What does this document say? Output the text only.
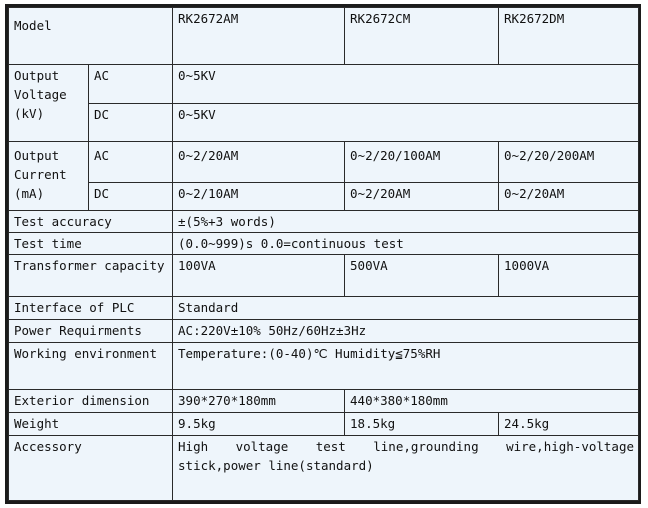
Model		RK2672AM	RK2672CM	RK2672DM
Output Voltage (kV)	AC	0~5KV		
	DC	0~5KV		
Output Current (mA)	AC	0~2/20AM	0~2/20/100AM	0~2/20/200AM
	DC	0~2/10AM	0~2/20AM	0~2/20AM
Test accuracy		±(5%+3 words)		
Test time		(0.0~999)s 0.0=continuous test		
Transformer capacity		100VA	500VA	1000VA
Interface of PLC		Standard		
Power Requirments		AC:220V±10% 50Hz/60Hz±3Hz		
Working environment		Temperature:(0-40)℃ Humidity≦75%RH		
Exterior dimension		390*270*180mm	440*380*180mm	
Weight		9.5kg	18.5kg	24.5kg
Accessory		High voltage test line,grounding wire,high-voltage stick,power line(standard)		
